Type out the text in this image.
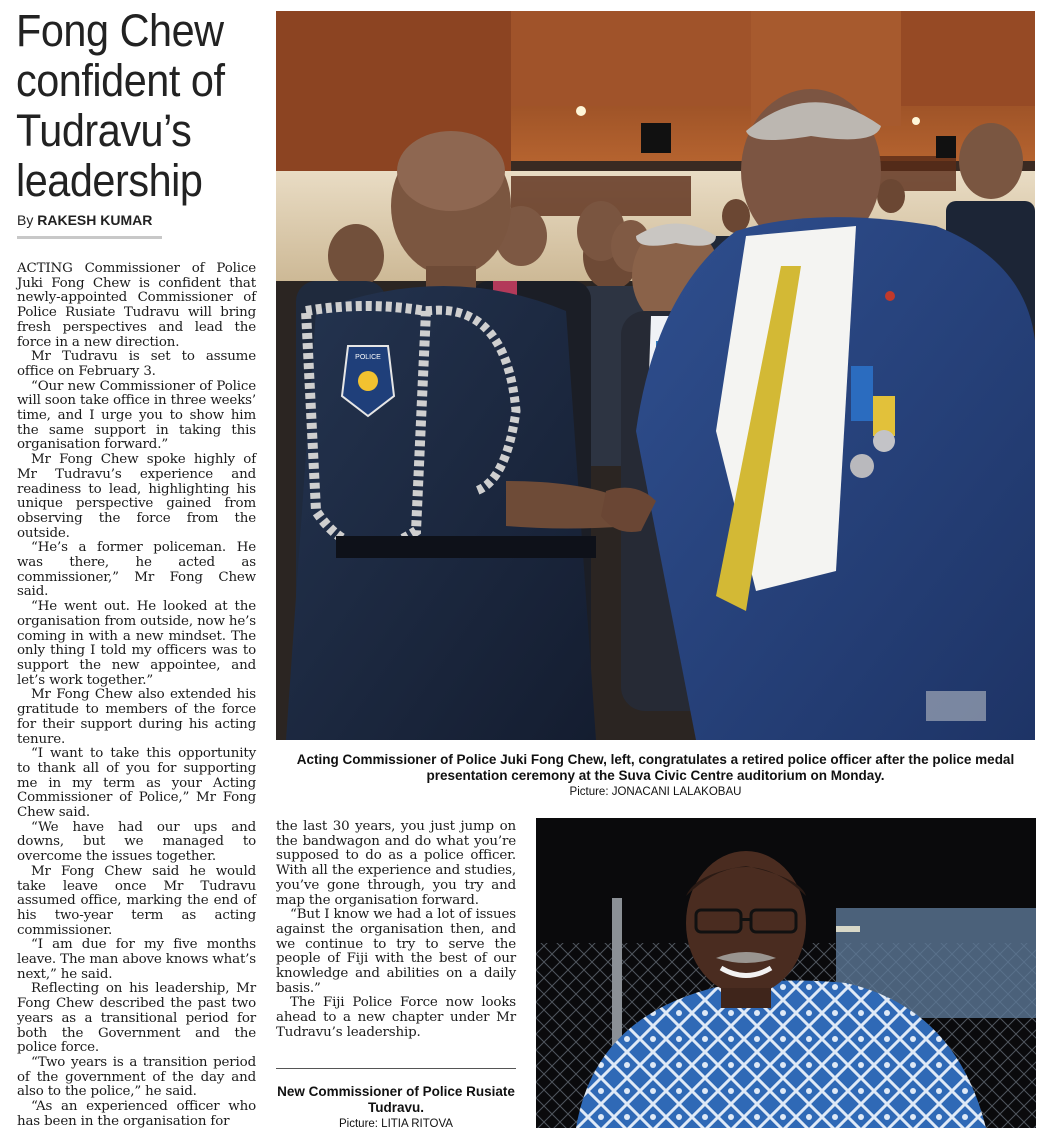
Fong Chew confident of Tudravu’s leadership
By RAKESH KUMAR

ACTING Commissioner of Police Juki Fong Chew is confident that newly-appointed Commissioner of Police Rusiate Tudravu will bring fresh perspectives and lead the force in a new direction.

Mr Tudravu is set to assume office on February 3.

“Our new Commissioner of Police will soon take office in three weeks’ time, and I urge you to show him the same support in taking this organisation forward.”

Mr Fong Chew spoke highly of Mr Tudravu’s experience and readiness to lead, highlighting his unique perspective gained from observing the force from the outside.

“He’s a former policeman. He was there, he acted as commissioner,” Mr Fong Chew said.

“He went out. He looked at the organisation from outside, now he’s coming in with a new mindset. The only thing I told my officers was to support the new appointee, and let’s work together.”

Mr Fong Chew also extended his gratitude to members of the force for their support during his acting tenure.

“I want to take this opportunity to thank all of you for supporting me in my term as your Acting Commissioner of Police,” Mr Fong Chew said.

“We have had our ups and downs, but we managed to overcome the issues together.

Mr Fong Chew said he would take leave once Mr Tudravu assumed office, marking the end of his two-year term as acting commissioner.

“I am due for my five months leave. The man above knows what’s next,” he said.

Reflecting on his leadership, Mr Fong Chew described the past two years as a transitional period for both the Government and the police force.

“Two years is a transition period of the government of the day and also to the police,” he said.

“As an experienced officer who has been in the organisation for

POLICE
Acting Commissioner of Police Juki Fong Chew, left, congratulates a retired police officer after the police medal presentation ceremony at the Suva Civic Centre auditorium on Monday.
Picture: JONACANI LALAKOBAU

the last 30 years, you just jump on the bandwagon and do what you’re supposed to do as a police officer. With all the experience and studies, you’ve gone through, you try and map the organisation forward.

“But I know we had a lot of issues against the organisation then, and we continue to try to serve the people of Fiji with the best of our knowledge and abilities on a daily basis.”

The Fiji Police Force now looks ahead to a new chapter under Mr Tudravu’s leadership.

New Commissioner of Police Rusiate Tudravu.
Picture: LITIA RITOVA
